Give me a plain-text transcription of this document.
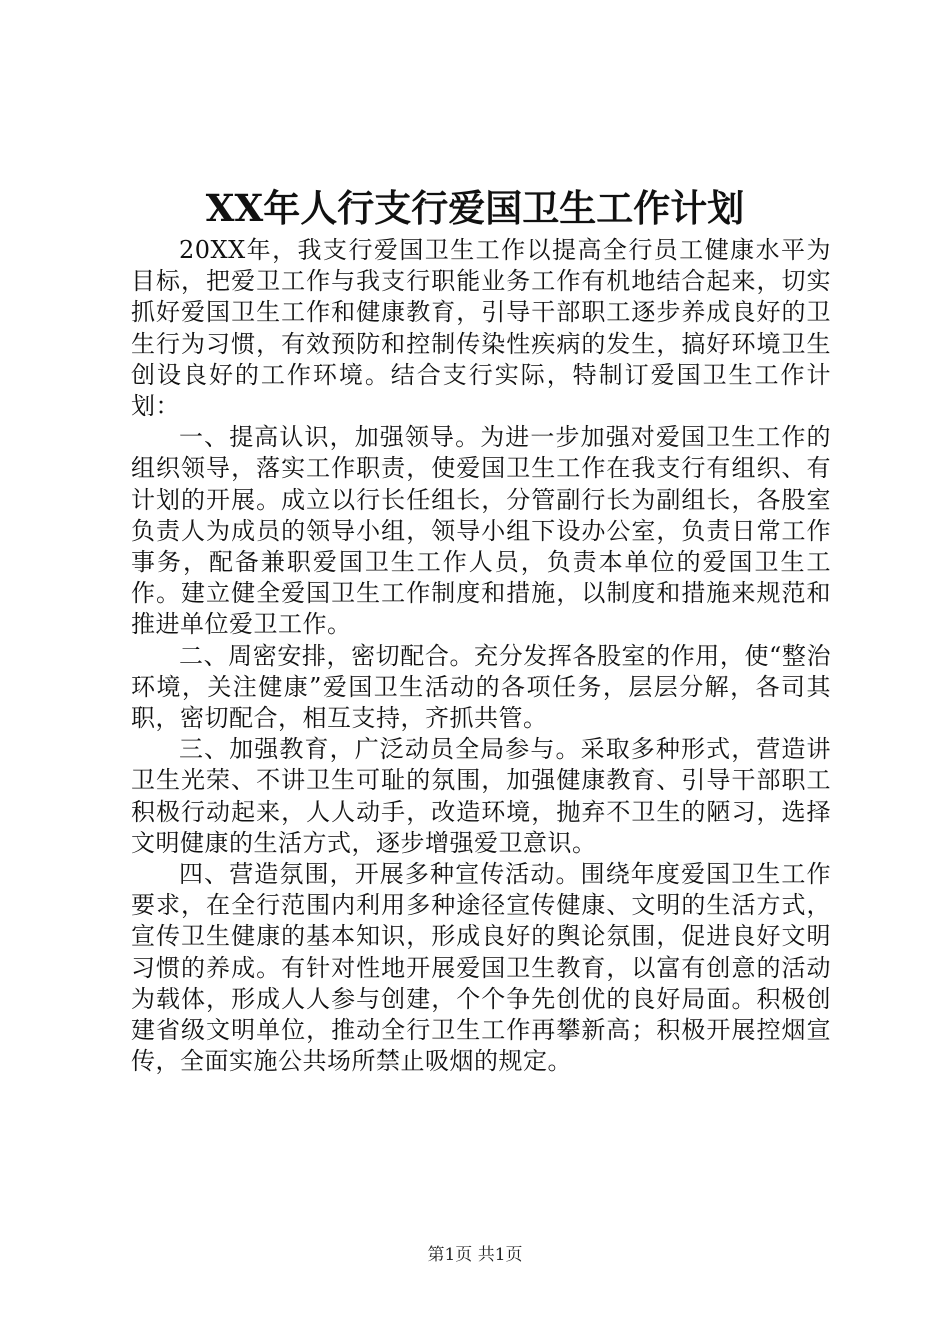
XX年人行支行爱国卫生工作计划

20XX年，我支行爱国卫生工作以提高全行员工健康水平为目标，把爱卫工作与我支行职能业务工作有机地结合起来，切实抓好爱国卫生工作和健康教育，引导干部职工逐步养成良好的卫生行为习惯，有效预防和控制传染性疾病的发生，搞好环境卫生创设良好的工作环境。结合支行实际，特制订爱国卫生工作计划：

一、提高认识，加强领导。为进一步加强对爱国卫生工作的组织领导，落实工作职责，使爱国卫生工作在我支行有组织、有计划的开展。成立以行长任组长，分管副行长为副组长，各股室负责人为成员的领导小组，领导小组下设办公室，负责日常工作事务，配备兼职爱国卫生工作人员，负责本单位的爱国卫生工作。建立健全爱国卫生工作制度和措施，以制度和措施来规范和推进单位爱卫工作。

二、周密安排，密切配合。充分发挥各股室的作用，使“整治环境，关注健康”爱国卫生活动的各项任务，层层分解，各司其职，密切配合，相互支持，齐抓共管。

三、加强教育，广泛动员全局参与。采取多种形式，营造讲卫生光荣、不讲卫生可耻的氛围，加强健康教育、引导干部职工积极行动起来，人人动手，改造环境，抛弃不卫生的陋习，选择文明健康的生活方式，逐步增强爱卫意识。

四、营造氛围，开展多种宣传活动。围绕年度爱国卫生工作要求，在全行范围内利用多种途径宣传健康、文明的生活方式，宣传卫生健康的基本知识，形成良好的舆论氛围，促进良好文明习惯的养成。有针对性地开展爱国卫生教育，以富有创意的活动为载体，形成人人参与创建，个个争先创优的良好局面。积极创建省级文明单位，推动全行卫生工作再攀新高；积极开展控烟宣传，全面实施公共场所禁止吸烟的规定。

第1页 共1页
